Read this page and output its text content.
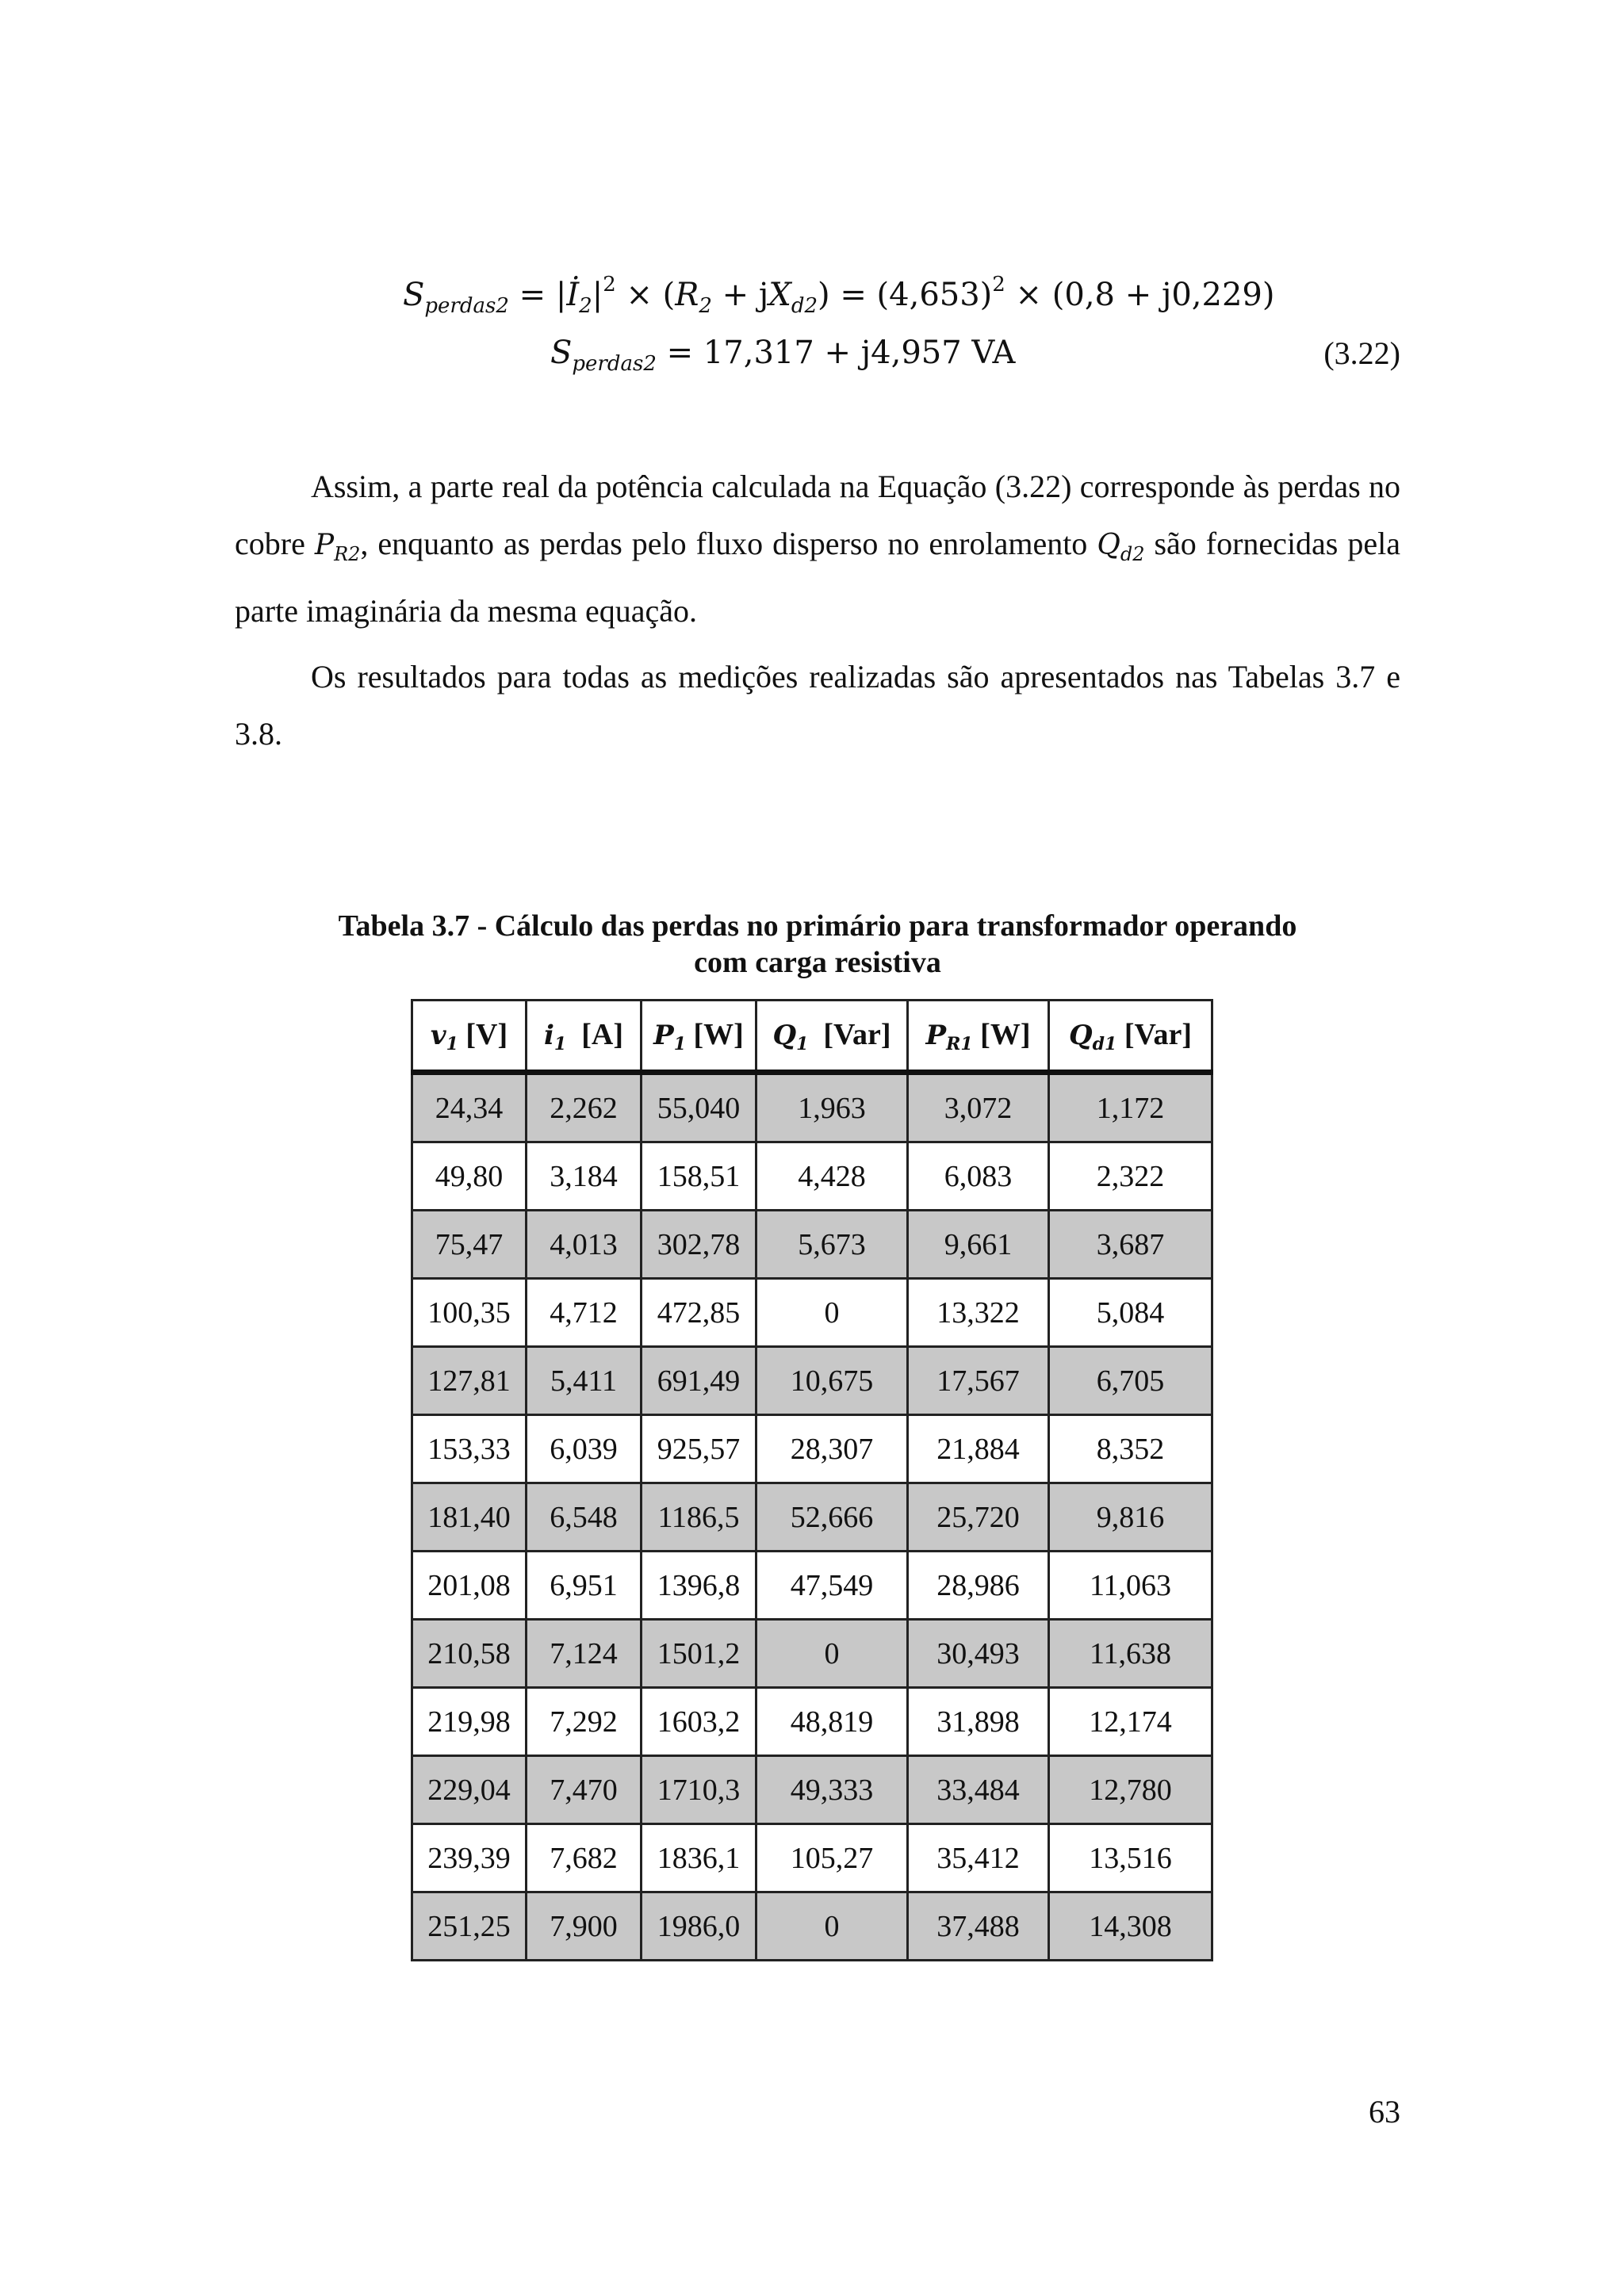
$S_{perdas2}$ = $|İ_2|^2 \times (R_2 + jX_{d2}) = (4,653)^2 \times (0,8 + j0,229)$
$S_{perdas2} = 17,317 + j4,957$ VA	(3.22)
Assim, a parte real da potência calculada na Equação (3.22) corresponde às perdas no cobre $P_{R2}$, enquanto as perdas pelo fluxo disperso no enrolamento $Q_{d2}$ são fornecidas pela parte imaginária da mesma equação.
Os resultados para todas as medições realizadas são apresentados nas Tabelas 3.7 e 3.8.
Tabela 3.7 - Cálculo das perdas no primário para transformador operando
com carga resistiva
$v_1$ [V]	$i_1$  [A]	$P_1$ [W]	$Q_1$  [Var]	$P_{R1}$ [W]	$Q_{d1}$ [Var]
24,34	2,262	55,040	1,963	3,072	1,172
49,80	3,184	158,51	4,428	6,083	2,322
75,47	4,013	302,78	5,673	9,661	3,687
100,35	4,712	472,85	0	13,322	5,084
127,81	5,411	691,49	10,675	17,567	6,705
153,33	6,039	925,57	28,307	21,884	8,352
181,40	6,548	1186,5	52,666	25,720	9,816
201,08	6,951	1396,8	47,549	28,986	11,063
210,58	7,124	1501,2	0	30,493	11,638
219,98	7,292	1603,2	48,819	31,898	12,174
229,04	7,470	1710,3	49,333	33,484	12,780
239,39	7,682	1836,1	105,27	35,412	13,516
251,25	7,900	1986,0	0	37,488	14,308
63
